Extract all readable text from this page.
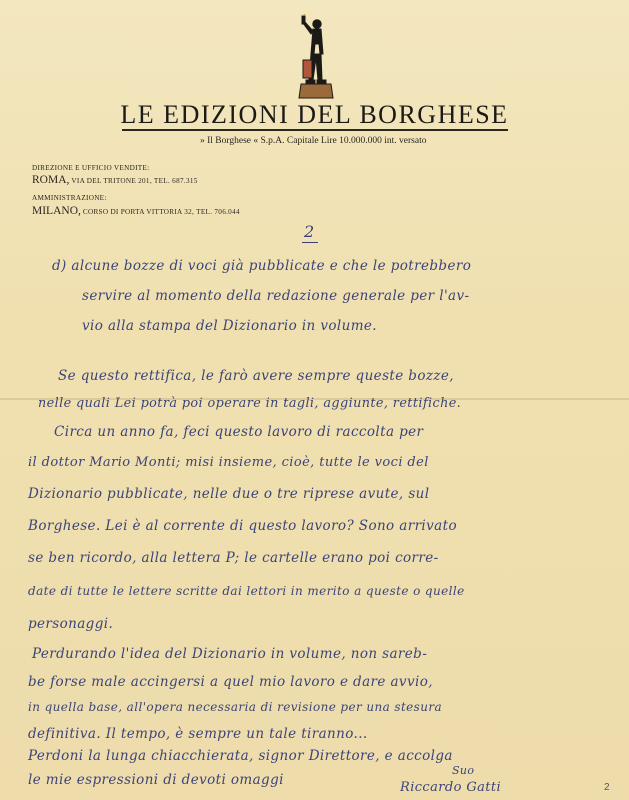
LE EDIZIONI DEL BORGHESE
» Il Borghese « S.p.A. Capitale Lire 10.000.000 int. versato
DIREZIONE E UFFICIO VENDITE:
ROMA, VIA DEL TRITONE 201, TEL. 687.315
AMMINISTRAZIONE:
MILANO, CORSO DI PORTA VITTORIA 32, TEL. 706.044
2
d) alcune bozze di voci già pubblicate e che le potrebbero
servire al momento della redazione generale per l'av-
vio alla stampa del Dizionario in volume.
Se questo rettifica, le farò avere sempre queste bozze,
nelle quali Lei potrà poi operare in tagli, aggiunte, rettifiche.
Circa un anno fa, feci questo lavoro di raccolta per
il dottor Mario Monti; misi insieme, cioè, tutte le voci del
Dizionario pubblicate, nelle due o tre riprese avute, sul
Borghese. Lei è al corrente di questo lavoro? Sono arrivato
se ben ricordo, alla lettera P; le cartelle erano poi corre-
date di tutte le lettere scritte dai lettori in merito a queste o quelle
personaggi.
Perdurando l'idea del Dizionario in volume, non sareb-
be forse male accingersi a quel mio lavoro e dare avvio,
in quella base, all'opera necessaria di revisione per una stesura
definitiva. Il tempo, è sempre un tale tiranno...
Perdoni la lunga chiacchierata, signor Direttore, e accolga
le mie espressioni di devoti omaggi
Suo
Riccardo Gatti	2
